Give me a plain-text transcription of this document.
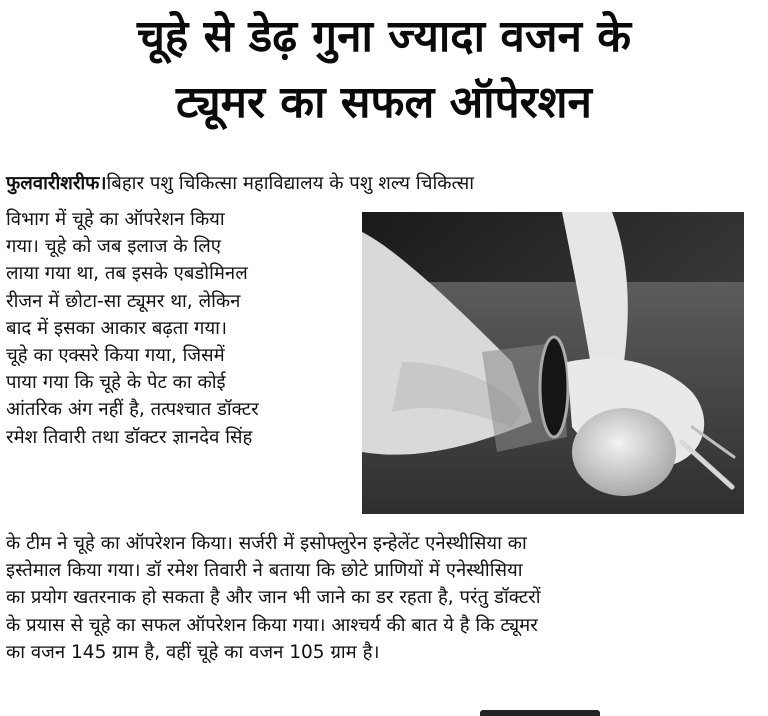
चूहे से डेढ़ गुना ज्यादा वजन के
ट्यूमर का सफल ऑपेरशन
फुलवारीशरीफ।बिहार पशु चिकित्सा महाविद्यालय के पशु शल्य चिकित्सा
विभाग में चूहे का ऑपरेशन किया
गया। चूहे को जब इलाज के लिए
लाया गया था, तब इसके एबडोमिनल
रीजन में छोटा-सा ट्यूमर था, लेकिन
बाद में इसका आकार बढ़ता गया।
चूहे का एक्सरे किया गया, जिसमें
पाया गया कि चूहे के पेट का कोई
आंतरिक अंग नहीं है, तत्पश्चात डॉक्टर
रमेश तिवारी तथा डॉक्टर ज्ञानदेव सिंह
के टीम ने चूहे का ऑपरेशन किया। सर्जरी में इसोफ्लुरेन इन्हेलेंट एनेस्थीसिया का
इस्तेमाल किया गया। डॉ रमेश तिवारी ने बताया कि छोटे प्राणियों में एनेस्थीसिया
का प्रयोग खतरनाक हो सकता है और जान भी जाने का डर रहता है, परंतु डॉक्टरों
के प्रयास से चूहे का सफल ऑपरेशन किया गया। आश्चर्य की बात ये है कि ट्यूमर
का वजन 145 ग्राम है, वहीं चूहे का वजन 105 ग्राम है।
